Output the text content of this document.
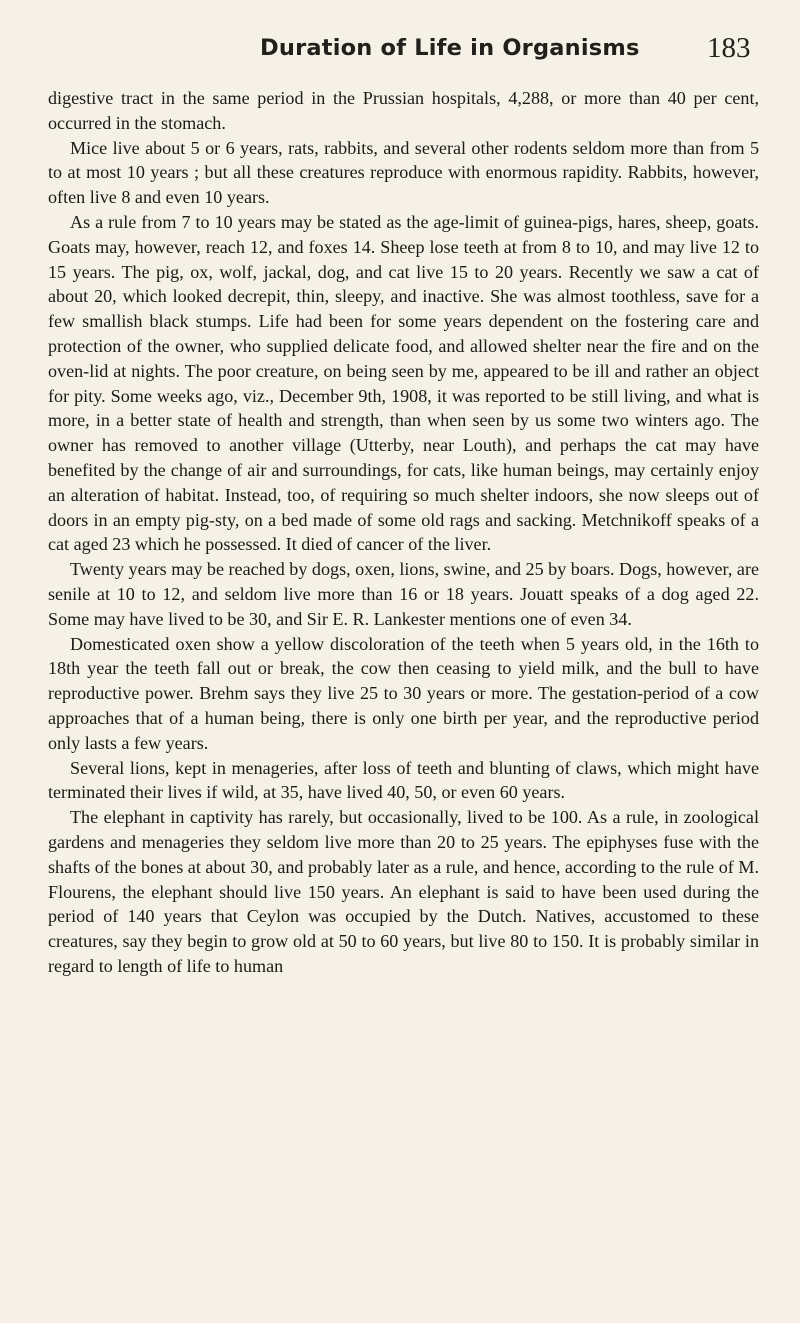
Duration of Life in Organisms 183

digestive tract in the same period in the Prussian hospitals, 4,288, or more than 40 per cent, occurred in the stomach.

Mice live about 5 or 6 years, rats, rabbits, and several other rodents seldom more than from 5 to at most 10 years ; but all these creatures reproduce with enormous rapidity. Rabbits, however, often live 8 and even 10 years.

As a rule from 7 to 10 years may be stated as the age-limit of guinea-pigs, hares, sheep, goats. Goats may, however, reach 12, and foxes 14. Sheep lose teeth at from 8 to 10, and may live 12 to 15 years. The pig, ox, wolf, jackal, dog, and cat live 15 to 20 years. Recently we saw a cat of about 20, which looked decrepit, thin, sleepy, and inactive. She was almost toothless, save for a few smallish black stumps. Life had been for some years dependent on the fostering care and protection of the owner, who supplied delicate food, and allowed shelter near the fire and on the oven-lid at nights. The poor creature, on being seen by me, appeared to be ill and rather an object for pity. Some weeks ago, viz., December 9th, 1908, it was reported to be still living, and what is more, in a better state of health and strength, than when seen by us some two winters ago. The owner has removed to another village (Utterby, near Louth), and perhaps the cat may have benefited by the change of air and surroundings, for cats, like human beings, may certainly enjoy an alteration of habitat. Instead, too, of requiring so much shelter indoors, she now sleeps out of doors in an empty pig-sty, on a bed made of some old rags and sacking. Metchnikoff speaks of a cat aged 23 which he possessed. It died of cancer of the liver.

Twenty years may be reached by dogs, oxen, lions, swine, and 25 by boars. Dogs, however, are senile at 10 to 12, and seldom live more than 16 or 18 years. Jouatt speaks of a dog aged 22. Some may have lived to be 30, and Sir E. R. Lankester mentions one of even 34.

Domesticated oxen show a yellow discoloration of the teeth when 5 years old, in the 16th to 18th year the teeth fall out or break, the cow then ceasing to yield milk, and the bull to have reproductive power. Brehm says they live 25 to 30 years or more. The gestation-period of a cow approaches that of a human being, there is only one birth per year, and the reproductive period only lasts a few years.

Several lions, kept in menageries, after loss of teeth and blunting of claws, which might have terminated their lives if wild, at 35, have lived 40, 50, or even 60 years.

The elephant in captivity has rarely, but occasionally, lived to be 100. As a rule, in zoological gardens and menageries they seldom live more than 20 to 25 years. The epiphyses fuse with the shafts of the bones at about 30, and probably later as a rule, and hence, according to the rule of M. Flourens, the elephant should live 150 years. An elephant is said to have been used during the period of 140 years that Ceylon was occupied by the Dutch. Natives, accustomed to these creatures, say they begin to grow old at 50 to 60 years, but live 80 to 150. It is probably similar in regard to length of life to human
